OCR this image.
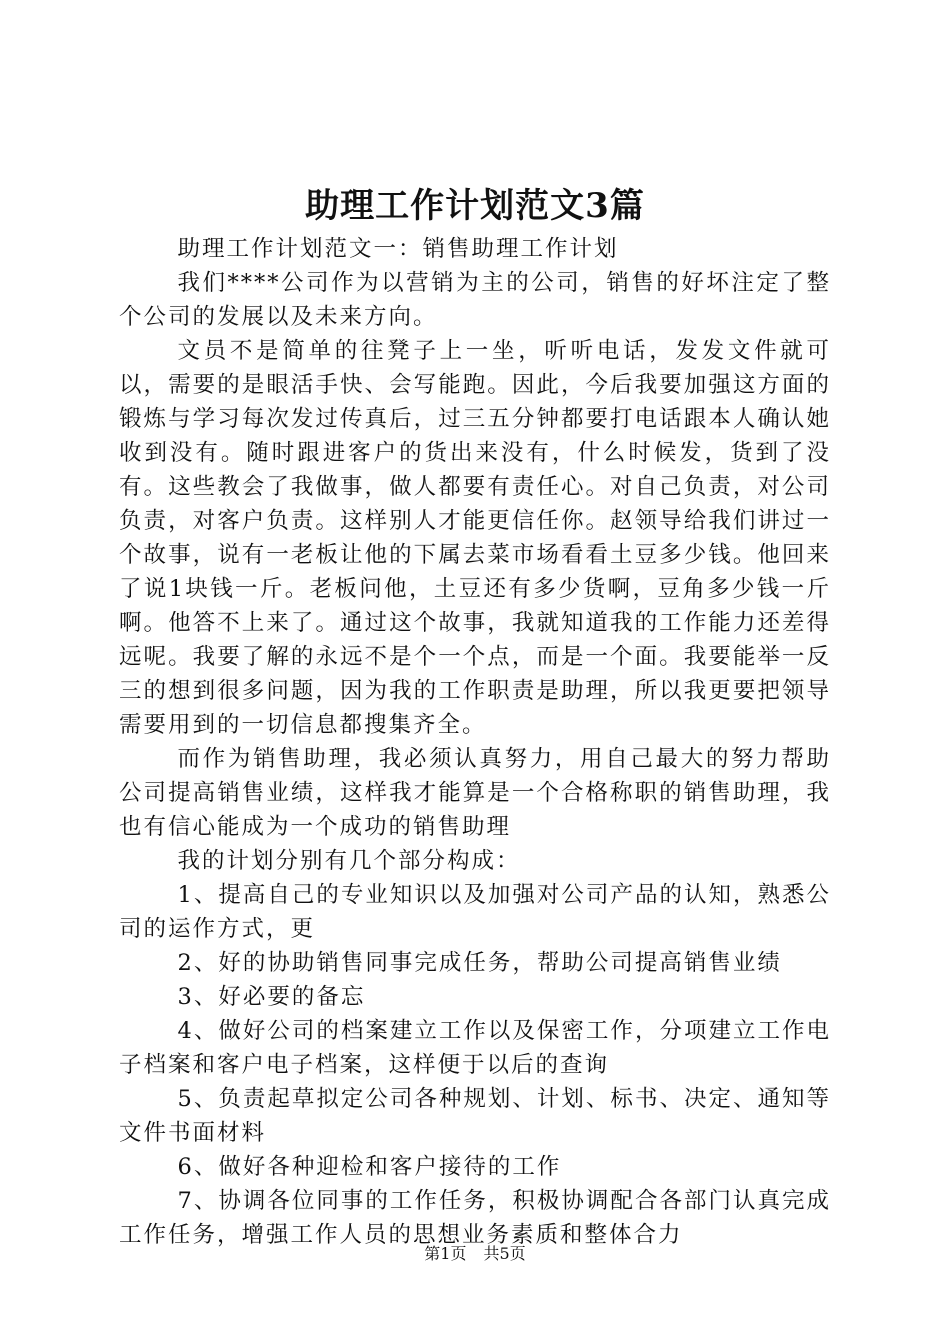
助理工作计划范文3篇

助理工作计划范文一：销售助理工作计划

我们****公司作为以营销为主的公司，销售的好坏注定了整个公司的发展以及未来方向。

文员不是简单的往凳子上一坐，听听电话，发发文件就可以，需要的是眼活手快、会写能跑。因此，今后我要加强这方面的锻炼与学习每次发过传真后，过三五分钟都要打电话跟本人确认她收到没有。随时跟进客户的货出来没有，什么时候发，货到了没有。这些教会了我做事，做人都要有责任心。对自己负责，对公司负责，对客户负责。这样别人才能更信任你。赵领导给我们讲过一个故事，说有一老板让他的下属去菜市场看看土豆多少钱。他回来了说1块钱一斤。老板问他，土豆还有多少货啊，豆角多少钱一斤啊。他答不上来了。通过这个故事，我就知道我的工作能力还差得远呢。我要了解的永远不是个一个点，而是一个面。我要能举一反三的想到很多问题，因为我的工作职责是助理，所以我更要把领导需要用到的一切信息都搜集齐全。

而作为销售助理，我必须认真努力，用自己最大的努力帮助公司提高销售业绩，这样我才能算是一个合格称职的销售助理，我也有信心能成为一个成功的销售助理

我的计划分别有几个部分构成：

1、提高自己的专业知识以及加强对公司产品的认知，熟悉公司的运作方式，更

2、好的协助销售同事完成任务，帮助公司提高销售业绩

3、好必要的备忘

4、做好公司的档案建立工作以及保密工作，分项建立工作电子档案和客户电子档案，这样便于以后的查询

5、负责起草拟定公司各种规划、计划、标书、决定、通知等文件书面材料

6、做好各种迎检和客户接待的工作

7、协调各位同事的工作任务，积极协调配合各部门认真完成工作任务，增强工作人员的思想业务素质和整体合力

第1页 共5页
